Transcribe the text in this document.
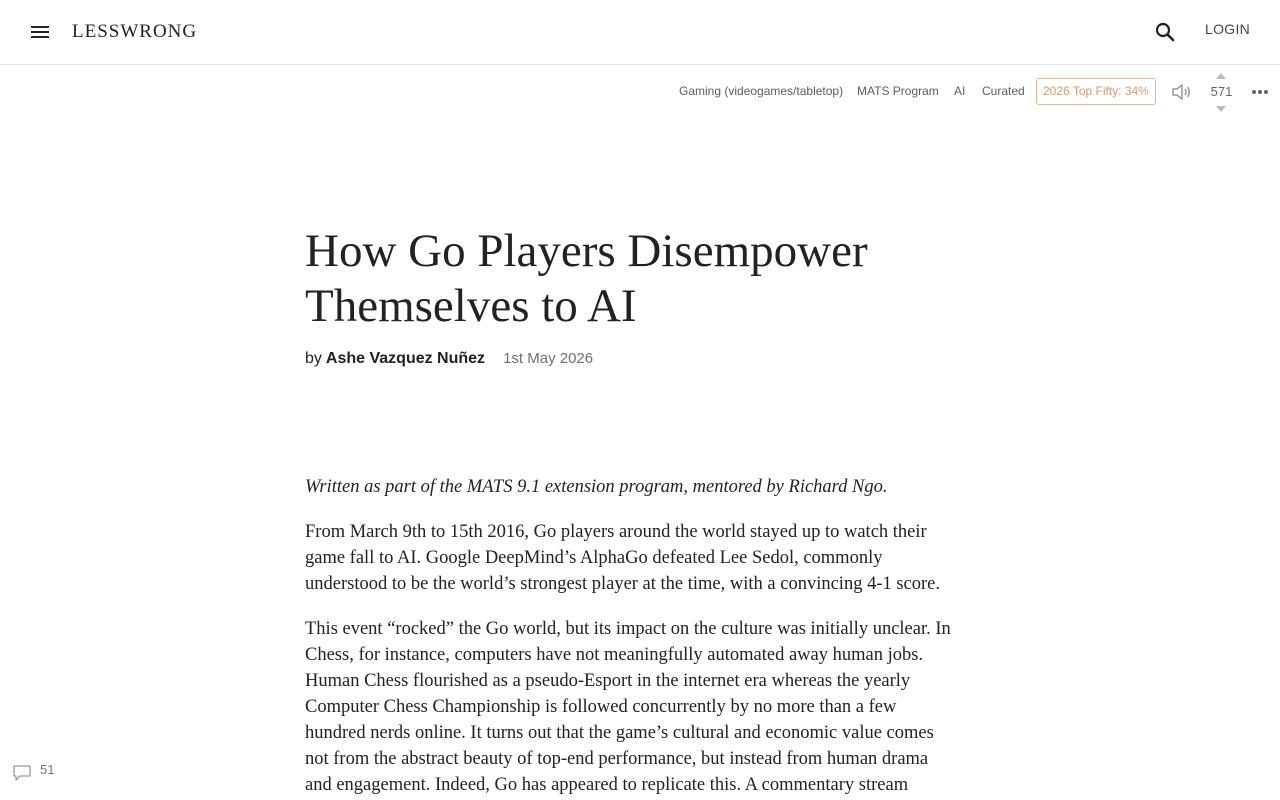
LESSWRONG	LOGIN
Gaming (videogames/tabletop) MATS Program AI Curated	2026 Top Fifty: 34%	571
How Go Players Disempower Themselves to AI
by Ashe Vazquez Nuñez 1st May 2026

Written as part of the MATS 9.1 extension program, mentored by Richard Ngo.

From March 9th to 15th 2016, Go players around the world stayed up to watch their game fall to AI. Google DeepMind’s AlphaGo defeated Lee Sedol, commonly understood to be the world’s strongest player at the time, with a convincing 4-1 score.

This event “rocked” the Go world, but its impact on the culture was initially unclear. In Chess, for instance, computers have not meaningfully automated away human jobs. Human Chess flourished as a pseudo-Esport in the internet era whereas the yearly Computer Chess Championship is followed concurrently by no more than a few hundred nerds online. It turns out that the game’s cultural and economic value comes not from the abstract beauty of top-end performance, but instead from human drama and engagement. Indeed, Go has appeared to replicate this. A commentary stream

51
